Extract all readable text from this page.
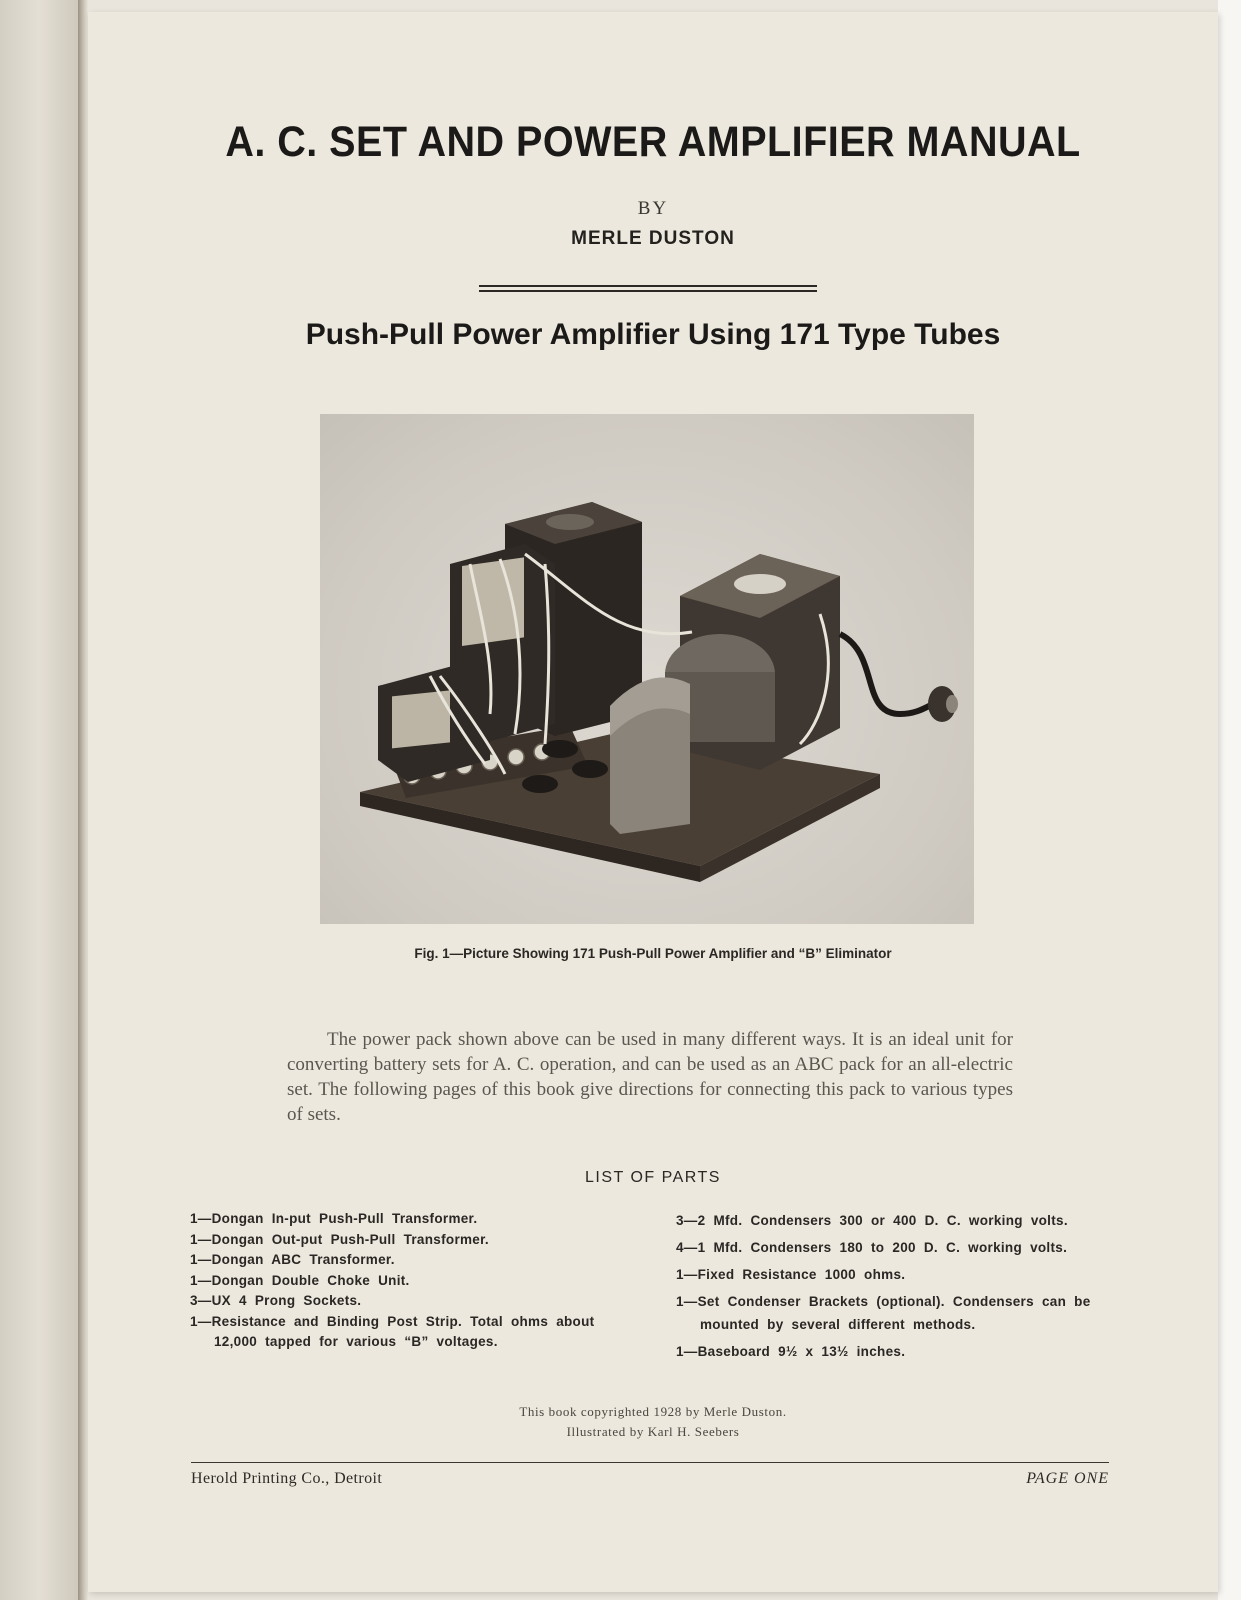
A. C. SET AND POWER AMPLIFIER MANUAL
BY
MERLE DUSTON
Push-Pull Power Amplifier Using 171 Type Tubes
Fig. 1—Picture Showing 171 Push-Pull Power Amplifier and “B” Eliminator

The power pack shown above can be used in many different ways. It is an ideal unit for converting battery sets for A. C. operation, and can be used as an ABC pack for an all-electric set. The following pages of this book give directions for connecting this pack to various types of sets.

LIST OF PARTS
1—Dongan In-put Push-Pull Transformer.
1—Dongan Out-put Push-Pull Transformer.
1—Dongan ABC Transformer.
1—Dongan Double Choke Unit.
3—UX 4 Prong Sockets.
1—Resistance and Binding Post Strip. Total ohms about 12,000 tapped for various “B” voltages.
3—2 Mfd. Condensers 300 or 400 D. C. working volts.
4—1 Mfd. Condensers 180 to 200 D. C. working volts.
1—Fixed Resistance 1000 ohms.
1—Set Condenser Brackets (optional). Condensers can be mounted by several different methods.
1—Baseboard 9½ x 13½ inches.
This book copyrighted 1928 by Merle Duston.
Illustrated by Karl H. Seebers
Herold Printing Co., Detroit	PAGE ONE
